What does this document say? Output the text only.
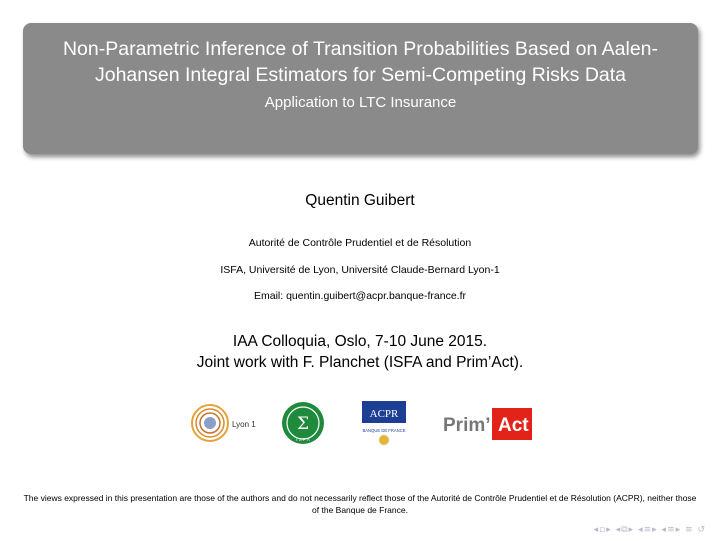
Non-Parametric Inference of Transition Probabilities Based on Aalen-Johansen Integral Estimators for Semi-Competing Risks Data
Application to LTC Insurance
Quentin Guibert
Autorité de Contrôle Prudentiel et de Résolution
ISFA, Université de Lyon, Université Claude-Bernard Lyon-1
Email: quentin.guibert@acpr.banque-france.fr
IAA Colloquia, Oslo, 7-10 June 2015.
Joint work with F. Planchet (ISFA and Prim’Act).
Lyon 1 Σ
I S F A
ACPR
BANQUE DE FRANCE Prim’ Act
The views expressed in this presentation are those of the authors and do not necessarily reflect those of the Autorité de Contrôle Prudentiel et de Résolution (ACPR), neither those of the Banque de France.
◂▫▸ ◂⧉▸ ◂≡▸ ◂≡▸ ≡ ↺
